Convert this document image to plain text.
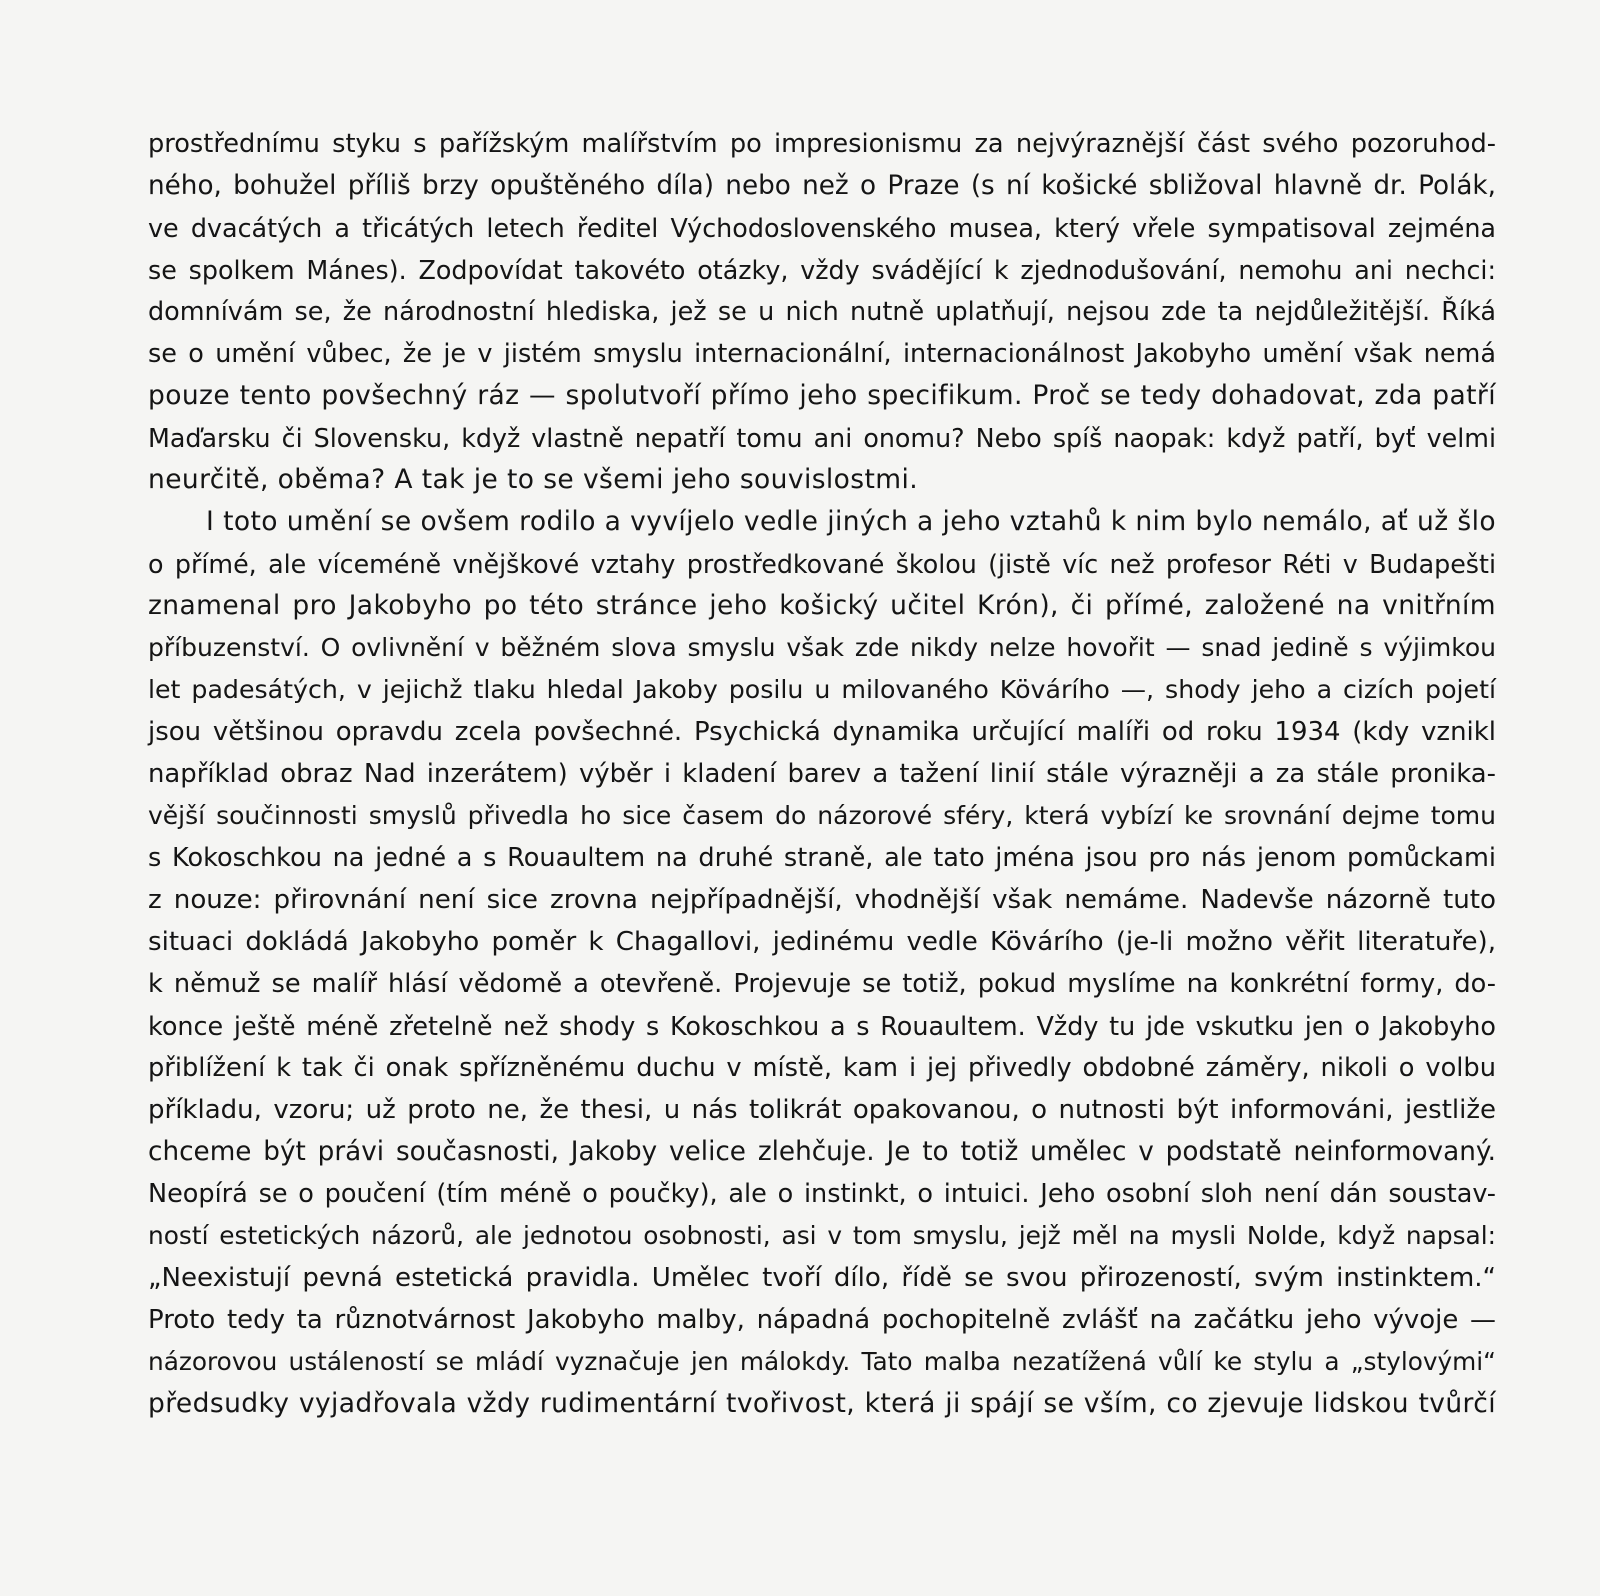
prostřednímu styku s pařížským malířstvím po impresionismu za nejvýraznější část svého pozoruhod-
ného, bohužel příliš brzy opuštěného díla) nebo než o Praze (s ní košické sbližoval hlavně dr. Polák,
ve dvacátých a třicátých letech ředitel Východoslovenského musea, který vřele sympatisoval zejména
se spolkem Mánes). Zodpovídat takovéto otázky, vždy svádějící k zjednodušování, nemohu ani nechci:
domnívám se, že národnostní hlediska, jež se u nich nutně uplatňují, nejsou zde ta nejdůležitější. Říká
se o umění vůbec, že je v jistém smyslu internacionální, internacionálnost Jakobyho umění však nemá
pouze tento povšechný ráz — spolutvoří přímo jeho specifikum. Proč se tedy dohadovat, zda patří
Maďarsku či Slovensku, když vlastně nepatří tomu ani onomu? Nebo spíš naopak: když patří, byť velmi
neurčitě, oběma? A tak je to se všemi jeho souvislostmi.
I toto umění se ovšem rodilo a vyvíjelo vedle jiných a jeho vztahů k nim bylo nemálo, ať už šlo
o přímé, ale víceméně vnějškové vztahy prostředkované školou (jistě víc než profesor Réti v Budapešti
znamenal pro Jakobyho po této stránce jeho košický učitel Krón), či přímé, založené na vnitřním
příbuzenství. O ovlivnění v běžném slova smyslu však zde nikdy nelze hovořit — snad jedině s výjimkou
let padesátých, v jejichž tlaku hledal Jakoby posilu u milovaného Kövárího —, shody jeho a cizích pojetí
jsou většinou opravdu zcela povšechné. Psychická dynamika určující malíři od roku 1934 (kdy vznikl
například obraz Nad inzerátem) výběr i kladení barev a tažení linií stále výrazněji a za stále pronika-
vější součinnosti smyslů přivedla ho sice časem do názorové sféry, která vybízí ke srovnání dejme tomu
s Kokoschkou na jedné a s Rouaultem na druhé straně, ale tato jména jsou pro nás jenom pomůckami
z nouze: přirovnání není sice zrovna nejpřípadnější, vhodnější však nemáme. Nadevše názorně tuto
situaci dokládá Jakobyho poměr k Chagallovi, jedinému vedle Kövárího (je-li možno věřit literatuře),
k němuž se malíř hlásí vědomě a otevřeně. Projevuje se totiž, pokud myslíme na konkrétní formy, do-
konce ještě méně zřetelně než shody s Kokoschkou a s Rouaultem. Vždy tu jde vskutku jen o Jakobyho
přiblížení k tak či onak spřízněnému duchu v místě, kam i jej přivedly obdobné záměry, nikoli o volbu
příkladu, vzoru; už proto ne, že thesi, u nás tolikrát opakovanou, o nutnosti být informováni, jestliže
chceme být právi současnosti, Jakoby velice zlehčuje. Je to totiž umělec v podstatě neinformovaný.
Neopírá se o poučení (tím méně o poučky), ale o instinkt, o intuici. Jeho osobní sloh není dán soustav-
ností estetických názorů, ale jednotou osobnosti, asi v tom smyslu, jejž měl na mysli Nolde, když napsal:
„Neexistují pevná estetická pravidla. Umělec tvoří dílo, řídě se svou přirozeností, svým instinktem.“
Proto tedy ta různotvárnost Jakobyho malby, nápadná pochopitelně zvlášť na začátku jeho vývoje —
názorovou ustáleností se mládí vyznačuje jen málokdy. Tato malba nezatížená vůlí ke stylu a „stylovými“
předsudky vyjadřovala vždy rudimentární tvořivost, která ji spájí se vším, co zjevuje lidskou tvůrčí
